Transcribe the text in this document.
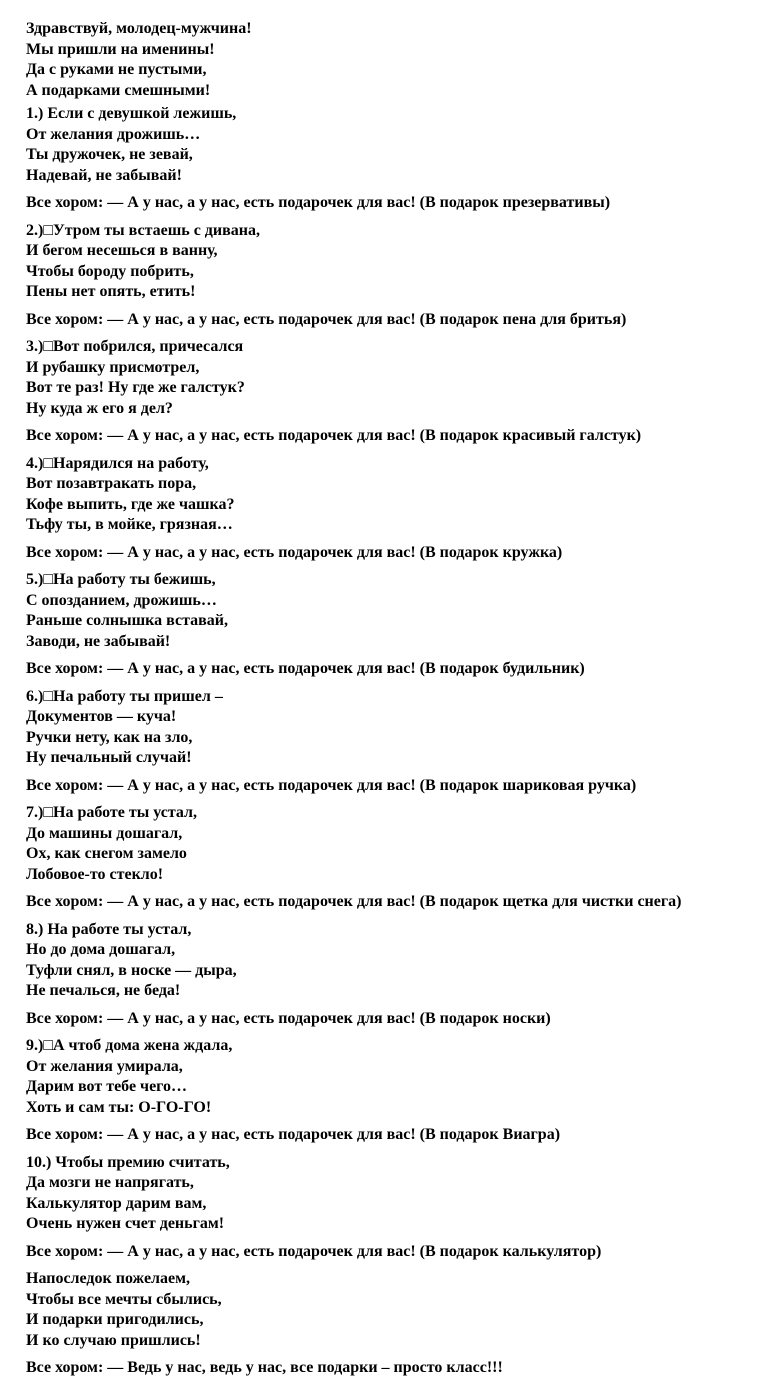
Здравствуй, молодец-мужчина!
Мы пришли на именины!
Да с руками не пустыми,
А подарками смешными!
1.) Если с девушкой лежишь,
От желания дрожишь…
Ты дружочек, не зевай,
Надевай, не забывай!
Все хором: — А у нас, а у нас, есть подарочек для вас! (В подарок презервативы)
2.)□Утром ты встаешь с дивана,
И бегом несешься в ванну,
Чтобы бороду побрить,
Пены нет опять, етить!
Все хором: — А у нас, а у нас, есть подарочек для вас! (В подарок пена для бритья)
3.)□Вот побрился, причесался
И рубашку присмотрел,
Вот те раз! Ну где же галстук?
Ну куда ж его я дел?
Все хором: — А у нас, а у нас, есть подарочек для вас! (В подарок красивый галстук)
4.)□Нарядился на работу,
Вот позавтракать пора,
Кофе выпить, где же чашка?
Тьфу ты, в мойке, грязная…
Все хором: — А у нас, а у нас, есть подарочек для вас! (В подарок кружка)
5.)□На работу ты бежишь,
С опозданием, дрожишь…
Раньше солнышка вставай,
Заводи, не забывай!
Все хором: — А у нас, а у нас, есть подарочек для вас! (В подарок будильник)
6.)□На работу ты пришел –
Документов — куча!
Ручки нету, как на зло,
Ну печальный случай!
Все хором: — А у нас, а у нас, есть подарочек для вас! (В подарок шариковая ручка)
7.)□На работе ты устал,
До машины дошагал,
Ох, как снегом замело
Лобовое-то стекло!
Все хором: — А у нас, а у нас, есть подарочек для вас! (В подарок щетка для чистки снега)
8.) На работе ты устал,
Но до дома дошагал,
Туфли снял, в носке — дыра,
Не печалься, не беда!
Все хором: — А у нас, а у нас, есть подарочек для вас! (В подарок носки)
9.)□А чтоб дома жена ждала,
От желания умирала,
Дарим вот тебе чего…
Хоть и сам ты: О-ГО-ГО!
Все хором: — А у нас, а у нас, есть подарочек для вас! (В подарок Виагра)
10.) Чтобы премию считать,
Да мозги не напрягать,
Калькулятор дарим вам,
Очень нужен счет деньгам!
Все хором: — А у нас, а у нас, есть подарочек для вас! (В подарок калькулятор)
Напоследок пожелаем,
Чтобы все мечты сбылись,
И подарки пригодились,
И ко случаю пришлись!
Все хором: — Ведь у нас, ведь у нас, все подарки – просто класс!!!
